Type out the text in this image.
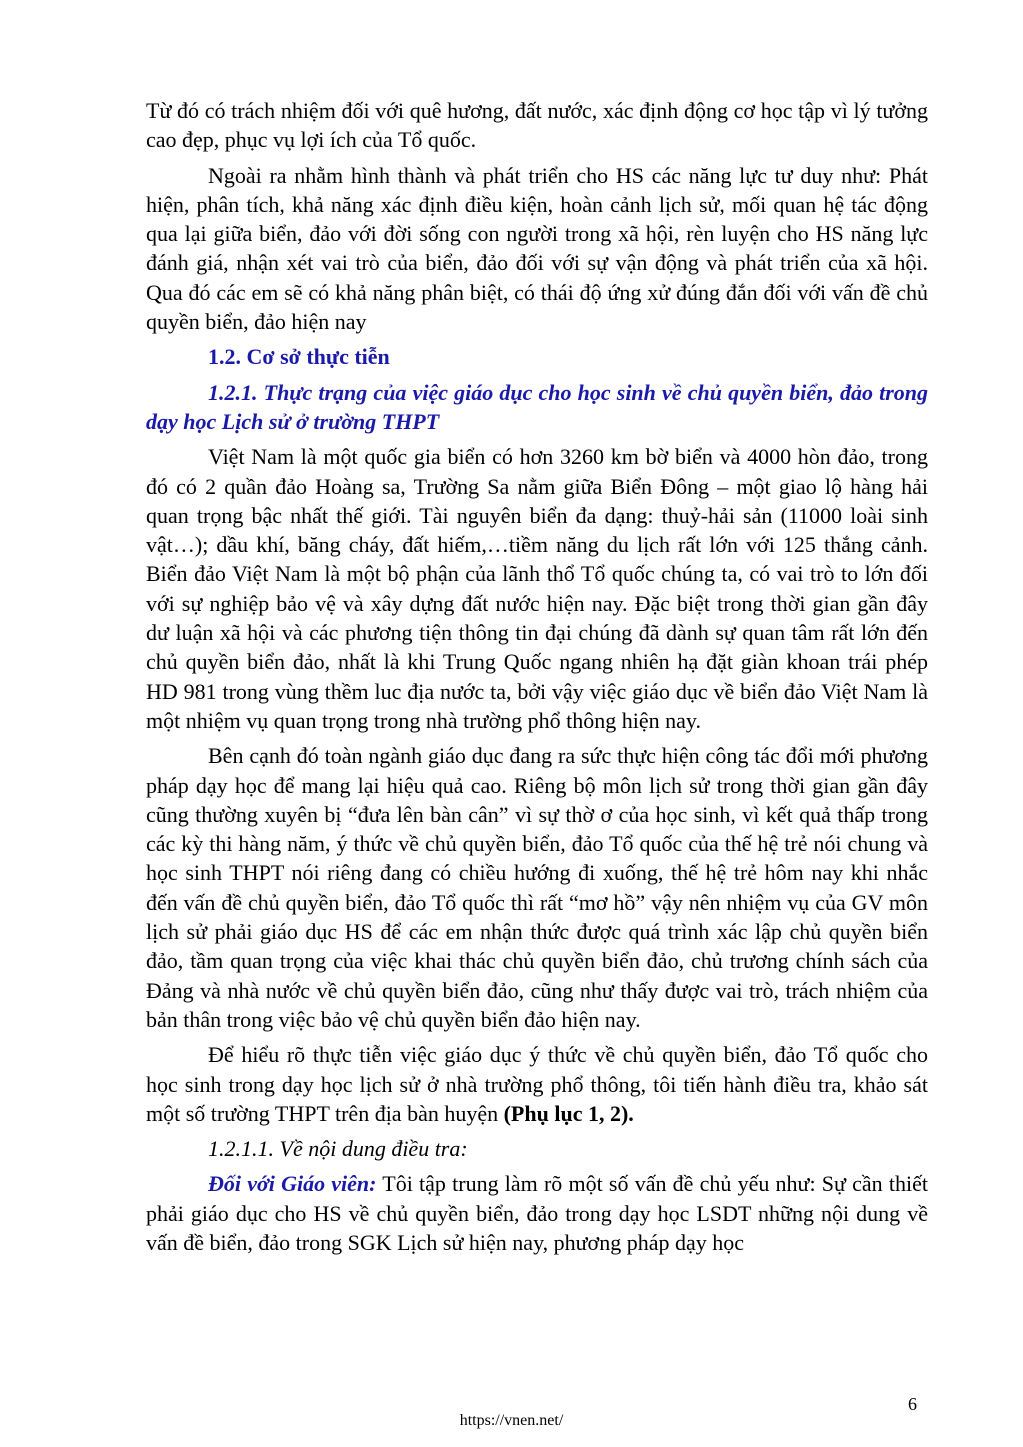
Từ đó có trách nhiệm đối với quê hương, đất nước, xác định động cơ học tập vì lý tưởng cao đẹp, phục vụ lợi ích của Tổ quốc.

Ngoài ra nhằm hình thành và phát triển cho HS các năng lực tư duy như: Phát hiện, phân tích, khả năng xác định điều kiện, hoàn cảnh lịch sử, mối quan hệ tác động qua lại giữa biển, đảo với đời sống con người trong xã hội, rèn luyện cho HS năng lực đánh giá, nhận xét vai trò của biển, đảo đối với sự vận động và phát triển của xã hội. Qua đó các em sẽ có khả năng phân biệt, có thái độ ứng xử đúng đắn đối với vấn đề chủ quyền biển, đảo hiện nay

1.2. Cơ sở thực tiễn

1.2.1. Thực trạng của việc giáo dục cho học sinh về chủ quyền biển, đảo trong dạy học Lịch sử ở trường THPT

Việt Nam là một quốc gia biển có hơn 3260 km bờ biển và 4000 hòn đảo, trong đó có 2 quần đảo Hoàng sa, Trường Sa nằm giữa Biển Đông – một giao lộ hàng hải quan trọng bậc nhất thế giới. Tài nguyên biển đa dạng: thuỷ-hải sản (11000 loài sinh vật…); dầu khí, băng cháy, đất hiếm,…tiềm năng du lịch rất lớn với 125 thắng cảnh. Biển đảo Việt Nam là một bộ phận của lãnh thổ Tổ quốc chúng ta, có vai trò to lớn đối với sự nghiệp bảo vệ và xây dựng đất nước hiện nay. Đặc biệt trong thời gian gần đây dư luận xã hội và các phương tiện thông tin đại chúng đã dành sự quan tâm rất lớn đến chủ quyền biển đảo, nhất là khi Trung Quốc ngang nhiên hạ đặt giàn khoan trái phép HD 981 trong vùng thềm luc địa nước ta, bởi vậy việc giáo dục về biển đảo Việt Nam là một nhiệm vụ quan trọng trong nhà trường phổ thông hiện nay.

Bên cạnh đó toàn ngành giáo dục đang ra sức thực hiện công tác đổi mới phương pháp dạy học để mang lại hiệu quả cao. Riêng bộ môn lịch sử trong thời gian gần đây cũng thường xuyên bị “đưa lên bàn cân” vì sự thờ ơ của học sinh, vì kết quả thấp trong các kỳ thi hàng năm, ý thức về chủ quyền biển, đảo Tổ quốc của thế hệ trẻ nói chung và học sinh THPT nói riêng đang có chiều hướng đi xuống, thế hệ trẻ hôm nay khi nhắc đến vấn đề chủ quyền biển, đảo Tổ quốc thì rất “mơ hồ” vậy nên nhiệm vụ của GV môn lịch sử phải giáo dục HS để các em nhận thức được quá trình xác lập chủ quyền biển đảo, tầm quan trọng của việc khai thác chủ quyền biển đảo, chủ trương chính sách của Đảng và nhà nước về chủ quyền biển đảo, cũng như thấy được vai trò, trách nhiệm của bản thân trong việc bảo vệ chủ quyền biển đảo hiện nay.

Để hiểu rõ thực tiễn việc giáo dục ý thức về chủ quyền biển, đảo Tổ quốc cho học sinh trong dạy học lịch sử ở nhà trường phổ thông, tôi tiến hành điều tra, khảo sát một số trường THPT trên địa bàn huyện (Phụ lục 1, 2).

1.2.1.1. Về nội dung điều tra:

Đối với Giáo viên: Tôi tập trung làm rõ một số vấn đề chủ yếu như: Sự cần thiết phải giáo dục cho HS về chủ quyền biển, đảo trong dạy học LSDT những nội dung về vấn đề biển, đảo trong SGK Lịch sử hiện nay, phương pháp dạy học

6
https://vnen.net/
